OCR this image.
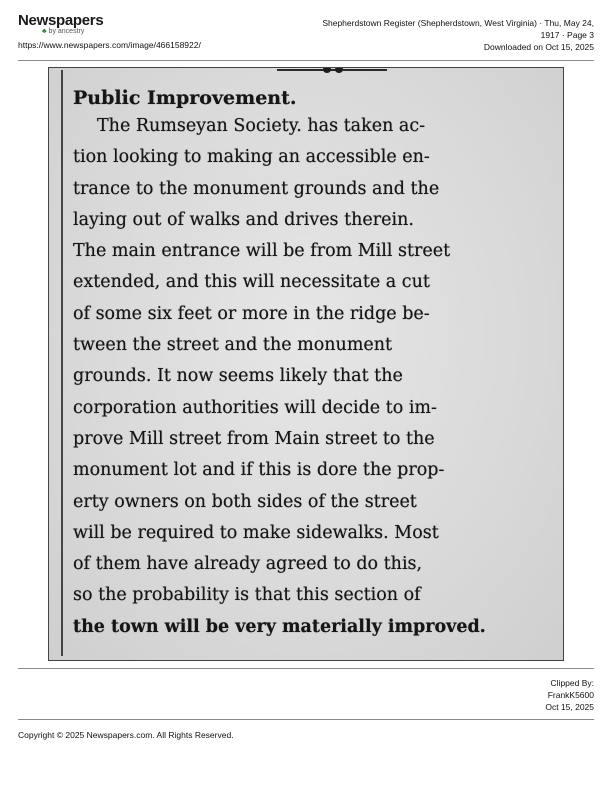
Newspapers
♣ by ancestry
https://www.newspapers.com/image/466158922/
Shepherdstown Register (Shepherdstown, West Virginia) · Thu, May 24,
1917 · Page 3
Downloaded on Oct 15, 2025
Public Improvement.
The Rumseyan Society. has taken ac-
tion looking to making an accessible en-
trance to the monument grounds and the
laying out of walks and drives therein.
The main entrance will be from Mill street
extended, and this will necessitate a cut
of some six feet or more in the ridge be-
tween the street and the monument
grounds. It now seems likely that the
corporation authorities will decide to im-
prove Mill street from Main street to the
monument lot and if this is dore the prop-
erty owners on both sides of the street
will be required to make sidewalks. Most
of them have already agreed to do this,
so the probability is that this section of
the town will be very materially improved.
Clipped By:
FrankK5600
Oct 15, 2025
Copyright © 2025 Newspapers.com. All Rights Reserved.
